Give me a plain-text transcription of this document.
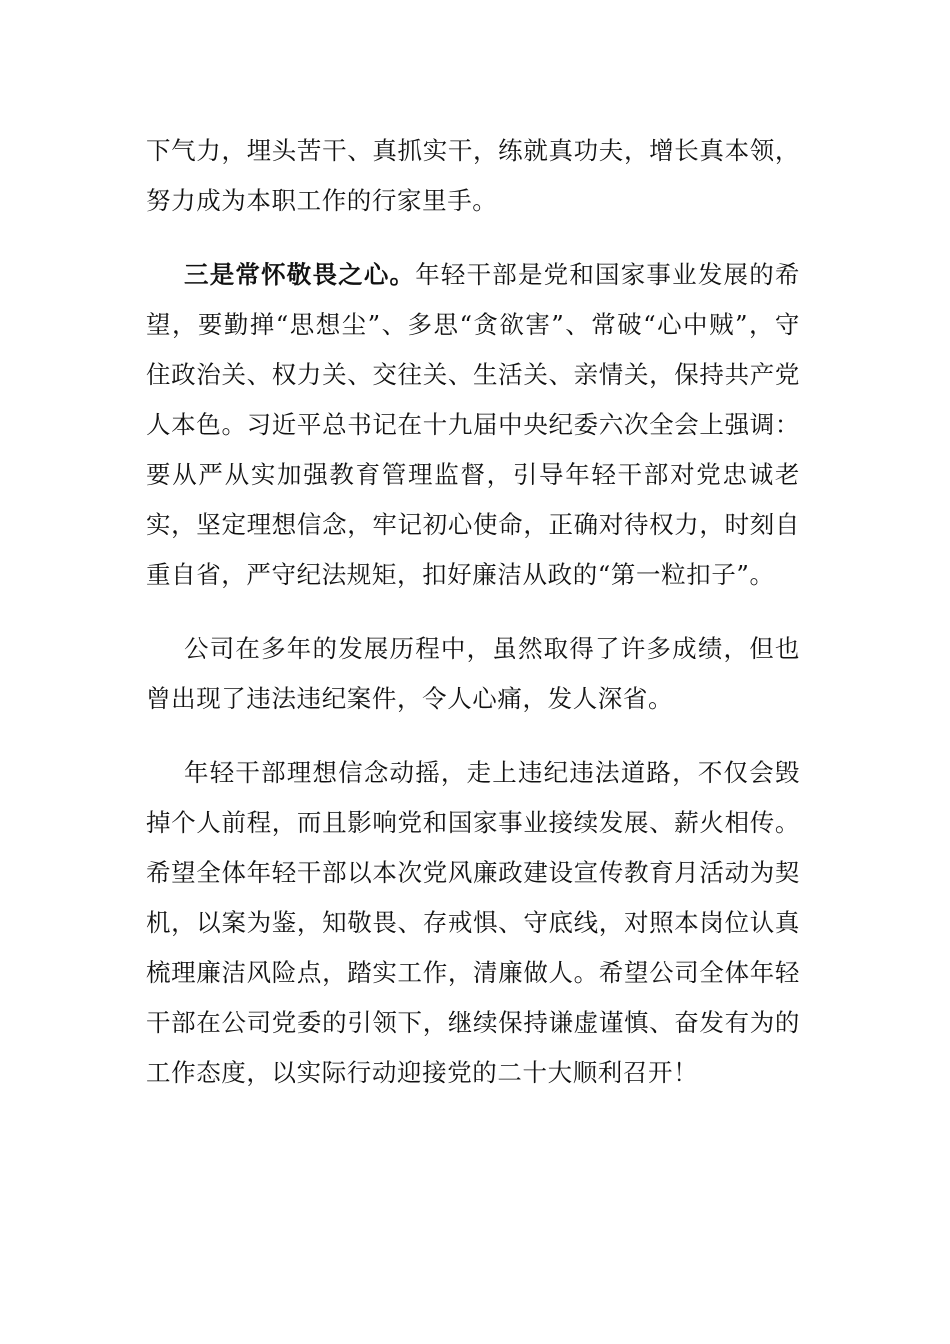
下气力，埋头苦干、真抓实干，练就真功夫，增长真本领，努力成为本职工作的行家里手。

三是常怀敬畏之心。年轻干部是党和国家事业发展的希望，要勤掸“思想尘”、多思“贪欲害”、常破“心中贼”，守住政治关、权力关、交往关、生活关、亲情关，保持共产党人本色。习近平总书记在十九届中央纪委六次全会上强调：要从严从实加强教育管理监督，引导年轻干部对党忠诚老实，坚定理想信念，牢记初心使命，正确对待权力，时刻自重自省，严守纪法规矩，扣好廉洁从政的“第一粒扣子”。

公司在多年的发展历程中，虽然取得了许多成绩，但也曾出现了违法违纪案件，令人心痛，发人深省。

年轻干部理想信念动摇，走上违纪违法道路，不仅会毁掉个人前程，而且影响党和国家事业接续发展、薪火相传。希望全体年轻干部以本次党风廉政建设宣传教育月活动为契机，以案为鉴，知敬畏、存戒惧、守底线，对照本岗位认真梳理廉洁风险点，踏实工作，清廉做人。希望公司全体年轻干部在公司党委的引领下，继续保持谦虚谨慎、奋发有为的工作态度，以实际行动迎接党的二十大顺利召开！
